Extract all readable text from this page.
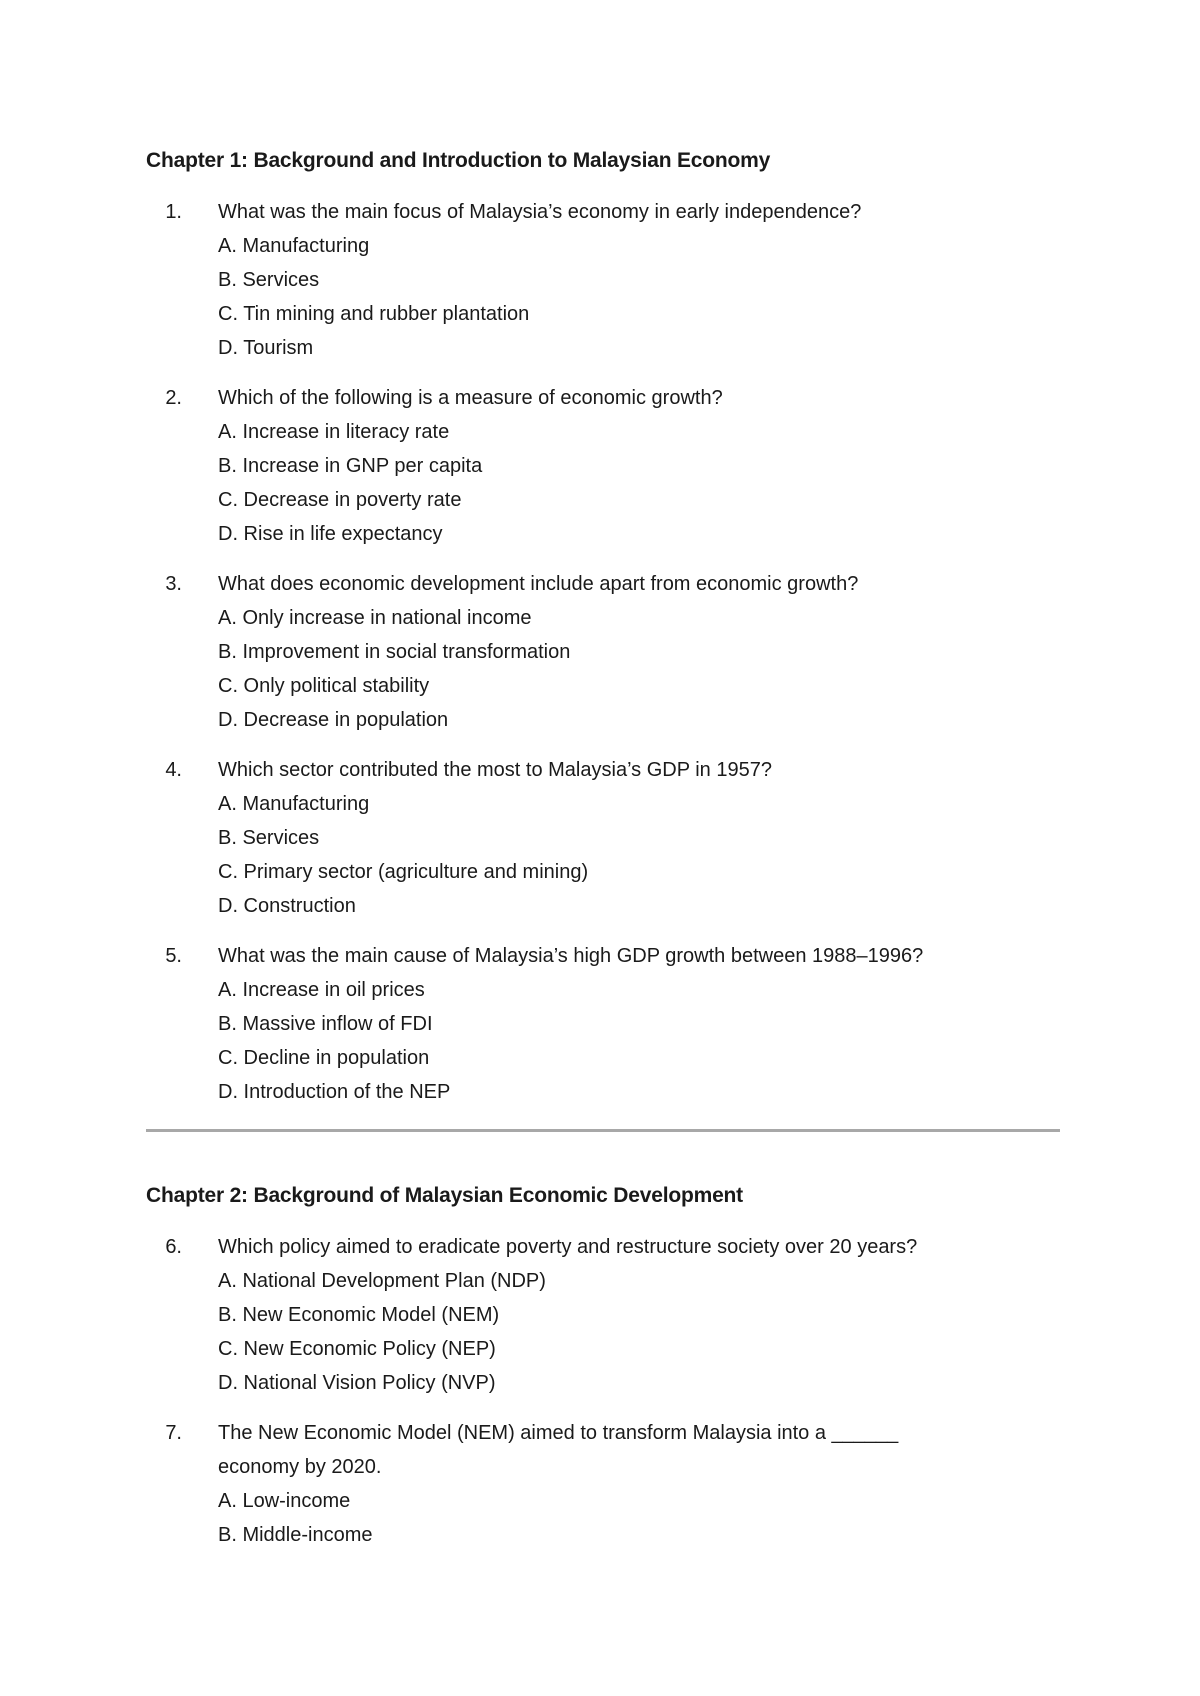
Chapter 1: Background and Introduction to Malaysian Economy
1. What was the main focus of Malaysia’s economy in early independence?
A. Manufacturing
B. Services
C. Tin mining and rubber plantation
D. Tourism
2. Which of the following is a measure of economic growth?
A. Increase in literacy rate
B. Increase in GNP per capita
C. Decrease in poverty rate
D. Rise in life expectancy
3. What does economic development include apart from economic growth?
A. Only increase in national income
B. Improvement in social transformation
C. Only political stability
D. Decrease in population
4. Which sector contributed the most to Malaysia’s GDP in 1957?
A. Manufacturing
B. Services
C. Primary sector (agriculture and mining)
D. Construction
5. What was the main cause of Malaysia’s high GDP growth between 1988–1996?
A. Increase in oil prices
B. Massive inflow of FDI
C. Decline in population
D. Introduction of the NEP
Chapter 2: Background of Malaysian Economic Development
6. Which policy aimed to eradicate poverty and restructure society over 20 years?
A. National Development Plan (NDP)
B. New Economic Model (NEM)
C. New Economic Policy (NEP)
D. National Vision Policy (NVP)
7. The New Economic Model (NEM) aimed to transform Malaysia into a ______
economy by 2020.
A. Low-income
B. Middle-income
